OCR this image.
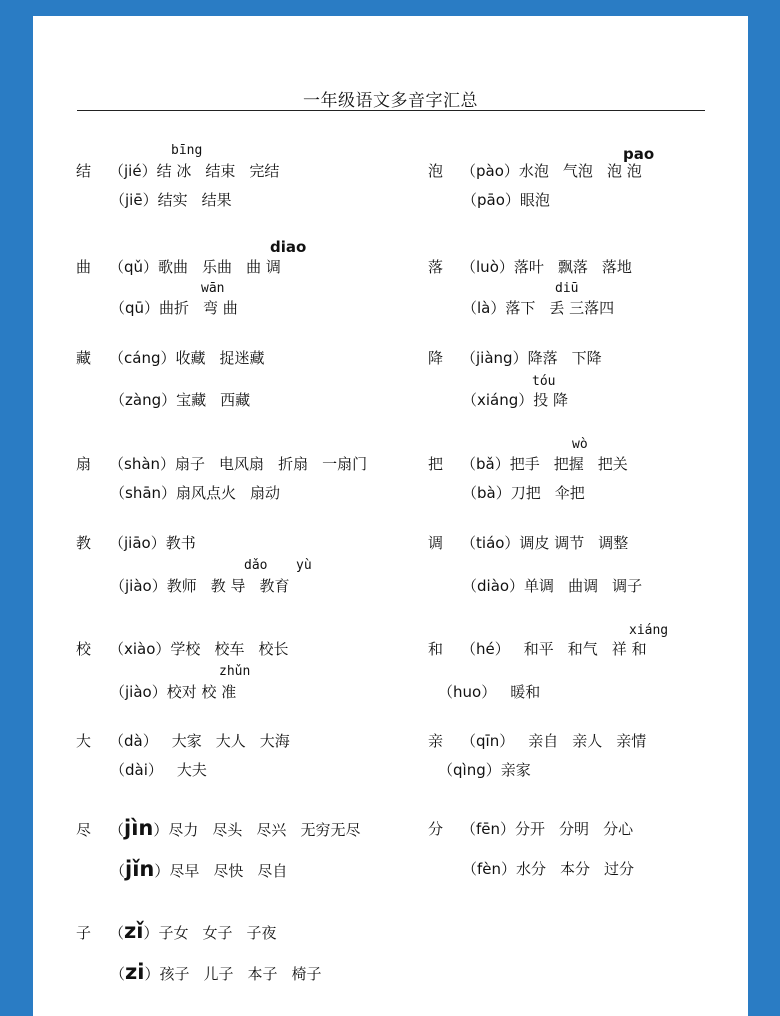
一年级语文多音字汇总
结 （jié）结 冰 结束 完结
（jiē）结实 结果
泡 （pào）水泡 气泡 泡 泡
（pāo）眼泡
曲 （qǔ）歌曲 乐曲 曲 调
（qū）曲折 弯 曲
落 （luò）落叶 飘落 落地
（là）落下 丢 三落四
藏 （cáng）收藏 捉迷藏
（zàng）宝藏 西藏
降 （jiàng）降落 下降
（xiáng）投 降
扇 （shàn）扇子 电风扇 折扇 一扇门
（shān）扇风点火 扇动
把 （bǎ）把手 把握 把关
（bà）刀把 伞把
教 （jiāo）教书
（jiào）教师 教 导 教育
调 （tiáo）调皮 调节 调整
（diào）单调 曲调 调子
校 （xiào）学校 校车 校长
（jiào）校对 校 准
和 （hé） 和平 和气 祥 和
（huo） 暖和
大 （dà） 大家 大人 大海
（dài） 大夫
亲 （qīn） 亲自 亲人 亲情
（qìng）亲家
尽 （jìn）尽力 尽头 尽兴 无穷无尽
（jǐn）尽早 尽快 尽自
分 （fēn）分开 分明 分心
（fèn）水分 本分 过分
子 （zǐ）子女 女子 子夜
（zi）孩子 儿子 本子 椅子
bīng	pao
diao
wān	diū
tóu
wò
dǎo yù
xiáng
zhǔn
